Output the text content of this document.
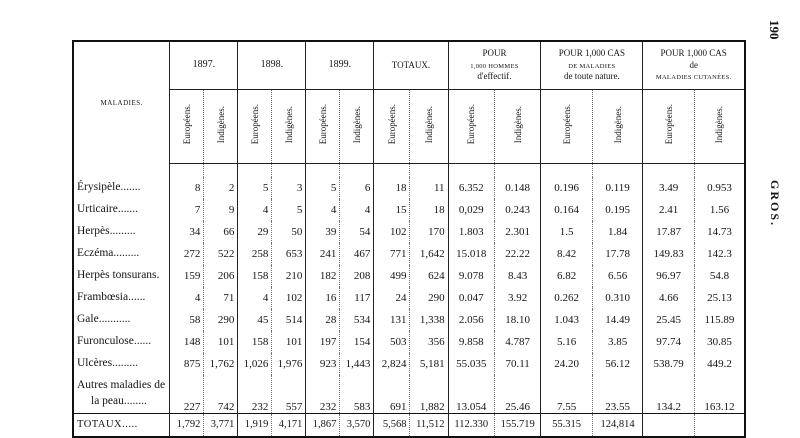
190
GROS.
MALADIES.	1897.		1898.		1899.		TOTAUX.		POUR
1,000 HOMMES
d'effectif.		POUR 1,000 CAS
DE MALADIES
de toute nature.		POUR 1,000 CAS
de
MALADIES CUTANÉES.	
	Européens.	Indigènes.	Européens.	Indigènes.	Européens.	Indigènes.	Européens.	Indigènes.	Européens.	Indigènes.	Européens.	Indigènes.	Européens.	Indigènes.

Érysipèle.......	8	2	5	3	5	6	18	11	6.352	0.148	0.196	0.119	3.49	0.953
Urticaire.......	7	9	4	5	4	4	15	18	0,029	0.243	0.164	0.195	2.41	1.56
Herpès.........	34	66	29	50	39	54	102	170	1.803	2.301	1.5	1.84	17.87	14.73
Eczéma.........	272	522	258	653	241	467	771	1,642	15.018	22.22	8.42	17.78	149.83	142.3
Herpès tonsurans.	159	206	158	210	182	208	499	624	9.078	8.43	6.82	6.56	96.97	54.8
Frambœsia......	4	71	4	102	16	117	24	290	0.047	3.92	0.262	0.310	4.66	25.13
Gale...........	58	290	45	514	28	534	131	1,338	2.056	18.10	1.043	14.49	25.45	115.89
Furonculose......	148	101	158	101	197	154	503	356	9.858	4.787	5.16	3.85	97.74	30.85
Ulcères.........	875	1,762	1,026	1,976	923	1,443	2,824	5,181	55.035	70.11	24.20	56.12	538.79	449.2

Autres maladies de
la peau........	227	742	232	557	232	583	691	1,882	13.054	25.46	7.55	23.55	134.2	163.12
TOTAUX.....	1,792	3,771	1,919	4,171	1,867	3,570	5,568	11,512	112.330	155.719	55.315	124,814		
